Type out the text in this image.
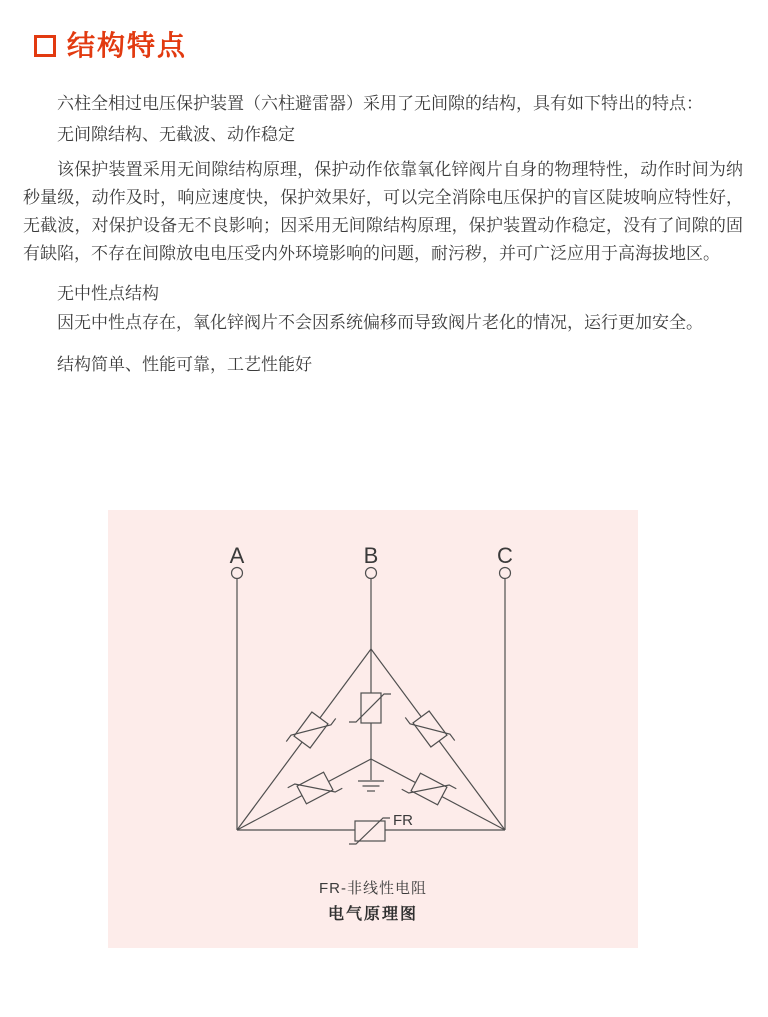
结构特点

六柱全相过电压保护装置（六柱避雷器）采用了无间隙的结构，具有如下特出的特点：

无间隙结构、无截波、动作稳定

该保护装置采用无间隙结构原理，保护动作依靠氧化锌阀片自身的物理特性，动作时间为纳秒量级，动作及时，响应速度快，保护效果好，可以完全消除电压保护的盲区陡坡响应特性好，无截波，对保护设备无不良影响；因采用无间隙结构原理，保护装置动作稳定，没有了间隙的固有缺陷，不存在间隙放电电压受内外环境影响的问题，耐污秽，并可广泛应用于高海拔地区。

无中性点结构

因无中性点存在，氧化锌阀片不会因系统偏移而导致阀片老化的情况，运行更加安全。

结构简单、性能可靠，工艺性能好

A	B	C
FR
FR-非线性电阻
电气原理图
